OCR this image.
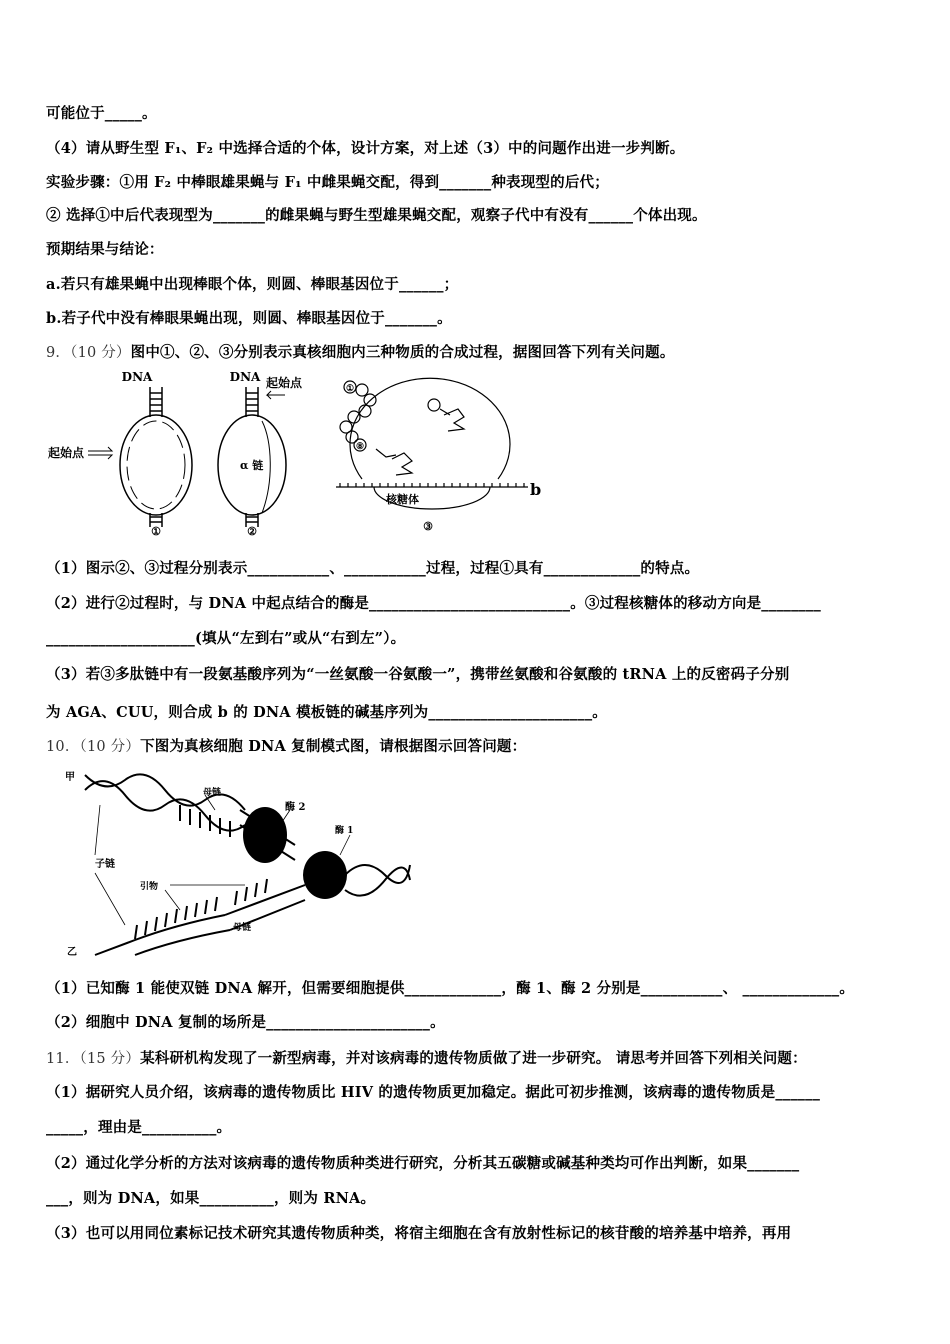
可能位于_____。
（4）请从野生型 F₁、F₂ 中选择合适的个体，设计方案，对上述（3）中的问题作出进一步判断。
实验步骤：①用 F₂ 中棒眼雄果蝇与 F₁ 中雌果蝇交配，得到_______种表现型的后代；
② 选择①中后代表现型为_______的雌果蝇与野生型雄果蝇交配，观察子代中有没有______个体出现。
预期结果与结论：
a.若只有雄果蝇中出现棒眼个体，则圆、棒眼基因位于______；
b.若子代中没有棒眼果蝇出现，则圆、棒眼基因位于_______。
9．（10 分）图中①、②、③分别表示真核细胞内三种物质的合成过程，据图回答下列有关问题。
DNA
起始点
①
DNA 起始点
α 链
②
核糖体
①
⑧
b
③
（1）图示②、③过程分别表示___________、___________过程，过程①具有_____________的特点。
（2）进行②过程时，与 DNA 中起点结合的酶是___________________________。③过程核糖体的移动方向是________
____________________(填从“左到右”或从“右到左”）。
（3）若③多肽链中有一段氨基酸序列为“一丝氨酸一谷氨酸一”，携带丝氨酸和谷氨酸的 tRNA 上的反密码子分别
为 AGA、CUU，则合成 b 的 DNA 模板链的碱基序列为______________________。
10．（10 分）下图为真核细胞 DNA 复制模式图，请根据图示回答问题：
甲
乙
母链
母链
子链
引物
酶 1
酶 2
（1）已知酶 1 能使双链 DNA 解开，但需要细胞提供_____________，酶 1、酶 2 分别是___________、 _____________。
（2）细胞中 DNA 复制的场所是______________________。
11．（15 分）某科研机构发现了一新型病毒，并对该病毒的遗传物质做了进一步研究。 请思考并回答下列相关问题：
（1）据研究人员介绍，该病毒的遗传物质比 HIV 的遗传物质更加稳定。据此可初步推测，该病毒的遗传物质是______
_____，理由是__________。
（2）通过化学分析的方法对该病毒的遗传物质种类进行研究，分析其五碳糖或碱基种类均可作出判断，如果_______
___，则为 DNA，如果__________，则为 RNA。
（3）也可以用同位素标记技术研究其遗传物质种类，将宿主细胞在含有放射性标记的核苷酸的培养基中培养，再用
